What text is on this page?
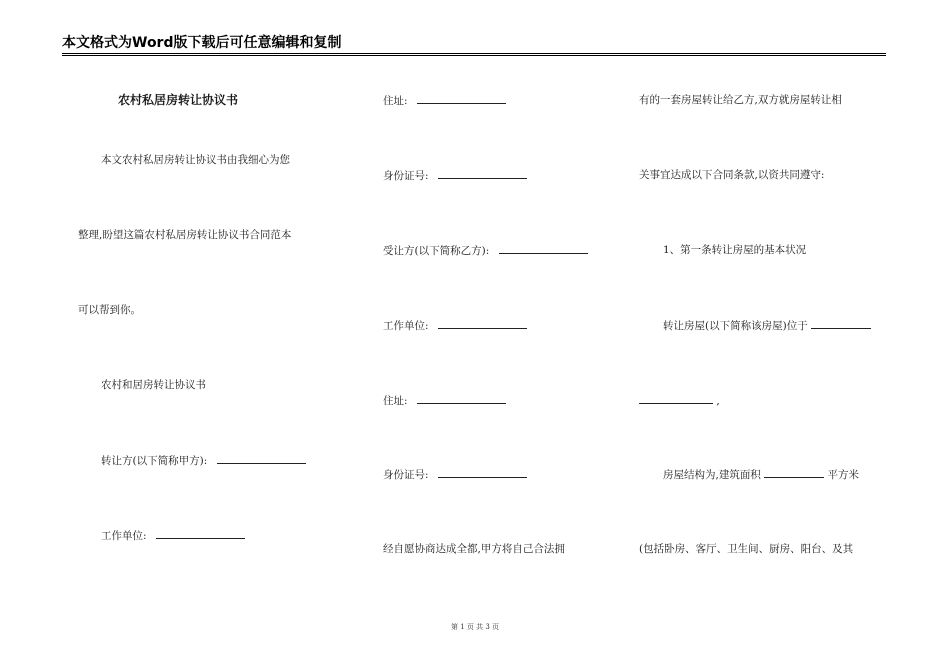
本文格式为Word版下载后可任意编辑和复制
农村私居房转让协议书
本文农村私居房转让协议书由我细心为您
整理,盼望这篇农村私居房转让协议书合同范本
可以帮到你。
农村和居房转让协议书
转让方(以下简称甲方):
工作单位:
住址:
身份证号:
受让方(以下简称乙方):
工作单位:
住址:
身份证号:
经自愿协商达成全都,甲方将自己合法拥
有的一套房屋转让给乙方,双方就房屋转让相
关事宜达成以下合同条款,以资共同遵守:
1、第一条转让房屋的基本状况
转让房屋(以下简称该房屋)位于
,
房屋结构为,建筑面积	平方米
(包括卧房、客厅、卫生间、厨房、阳台、及其
第 1 页 共 3 页
